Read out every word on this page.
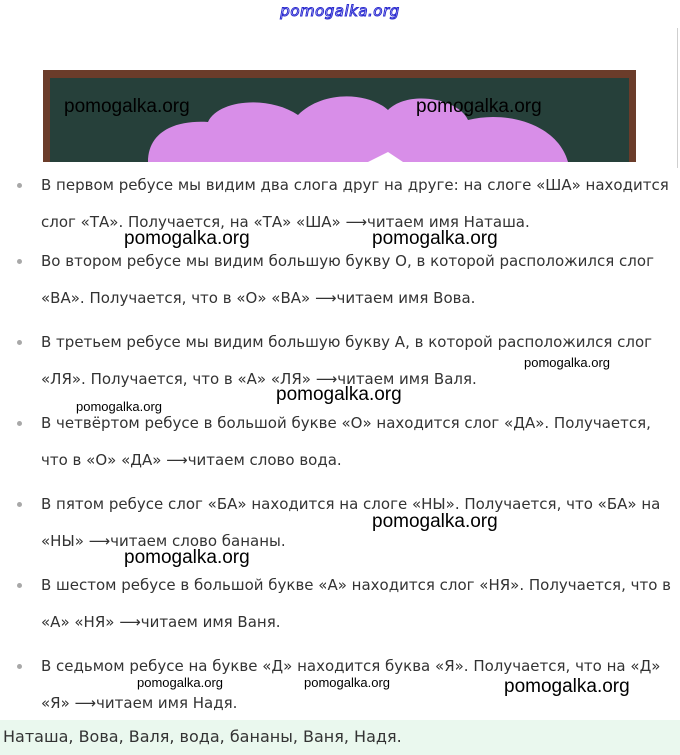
pomogalka.org
pomogalka.org	pomogalka.org
В первом ребусе мы видим два слога друг на друге: на слоге «ША» находится слог «ТА». Получается, на «ТА» «ША» ⟶читаем имя Наташа.
Во втором ребусе мы видим большую букву О, в которой расположился слог «ВА». Получается, что в «О» «ВА» ⟶читаем имя Вова.
В третьем ребусе мы видим большую букву А, в которой расположился слог «ЛЯ». Получается, что в «А» «ЛЯ» ⟶читаем имя Валя.
В четвёртом ребусе в большой букве «О» находится слог «ДА». Получается, что в «О» «ДА» ⟶читаем слово вода.
В пятом ребусе слог «БА» находится на слоге «НЫ». Получается, что «БА» на «НЫ» ⟶читаем слово бананы.
В шестом ребусе в большой букве «А» находится слог «НЯ». Получается, что в «А» «НЯ» ⟶читаем имя Ваня.
В седьмом ребусе на букве «Д» находится буква «Я». Получается, что на «Д» «Я» ⟶читаем имя Надя.
pomogalka.org	pomogalka.org
pomogalka.org
pomogalka.org
pomogalka.org
pomogalka.org
pomogalka.org
pomogalka.org	pomogalka.org	pomogalka.org
Наташа, Вова, Валя, вода, бананы, Ваня, Надя.
